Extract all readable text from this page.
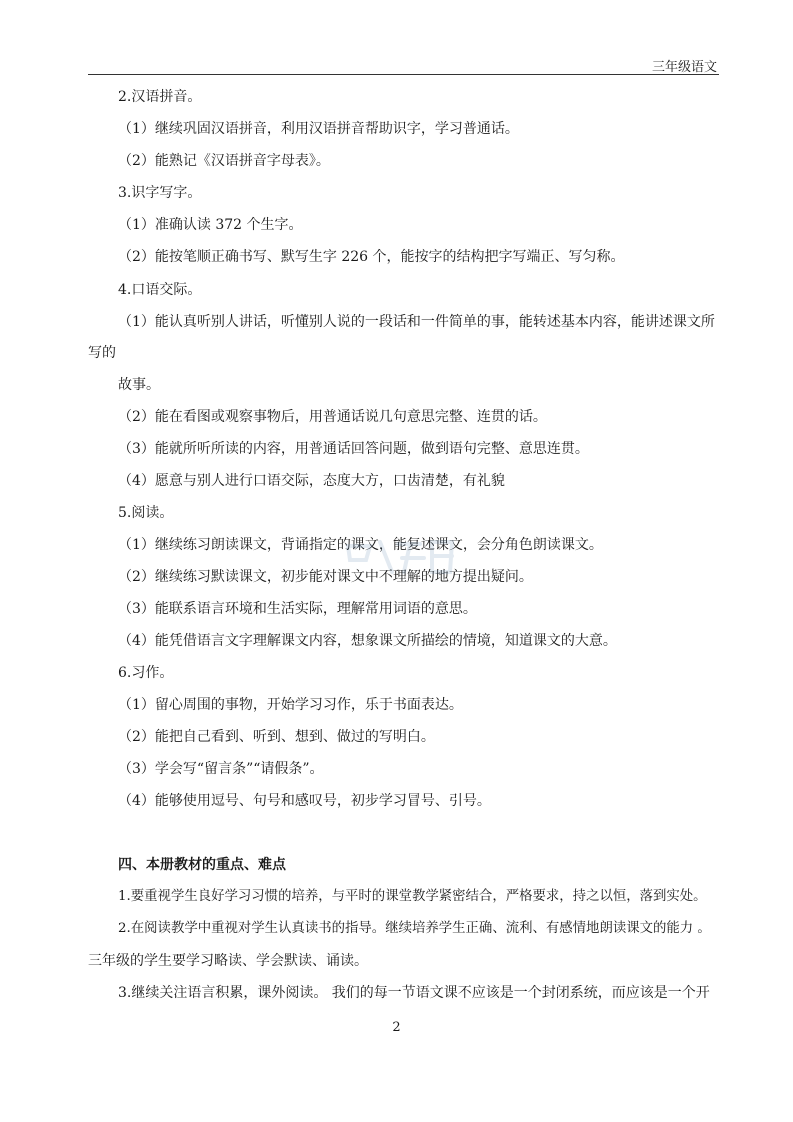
三年级语文
2.汉语拼音。
（1）继续巩固汉语拼音，利用汉语拼音帮助识字，学习普通话。
（2）能熟记《汉语拼音字母表》。
3.识字写字。
（1）准确认读 372 个生字。
（2）能按笔顺正确书写、默写生字 226 个，能按字的结构把字写端正、写匀称。
4.口语交际。
（1）能认真听别人讲话，听懂别人说的一段话和一件简单的事，能转述基本内容，能讲述课文所
写的
故事。
（2）能在看图或观察事物后，用普通话说几句意思完整、连贯的话。
（3）能就所听所读的内容，用普通话回答问题，做到语句完整、意思连贯。
（4）愿意与别人进行口语交际，态度大方，口齿清楚，有礼貌
5.阅读。
（1）继续练习朗读课文，背诵指定的课文，能复述课文，会分角色朗读课文。
（2）继续练习默读课文，初步能对课文中不理解的地方提出疑问。
（3）能联系语言环境和生活实际，理解常用词语的意思。
（4）能凭借语言文字理解课文内容，想象课文所描绘的情境，知道课文的大意。
6.习作。
（1）留心周围的事物，开始学习习作，乐于书面表达。
（2）能把自己看到、听到、想到、做过的写明白。
（3）学会写“留言条”“请假条”。
（4）能够使用逗号、句号和感叹号，初步学习冒号、引号。
四、本册教材的重点、难点
1.要重视学生良好学习习惯的培养，与平时的课堂教学紧密结合，严格要求，持之以恒，落到实处。
2.在阅读教学中重视对学生认真读书的指导。继续培养学生正确、流利、有感情地朗读课文的能力 。
三年级的学生要学习略读、学会默读、诵读。
3.继续关注语言积累，课外阅读。 我们的每一节语文课不应该是一个封闭系统，而应该是一个开
2
